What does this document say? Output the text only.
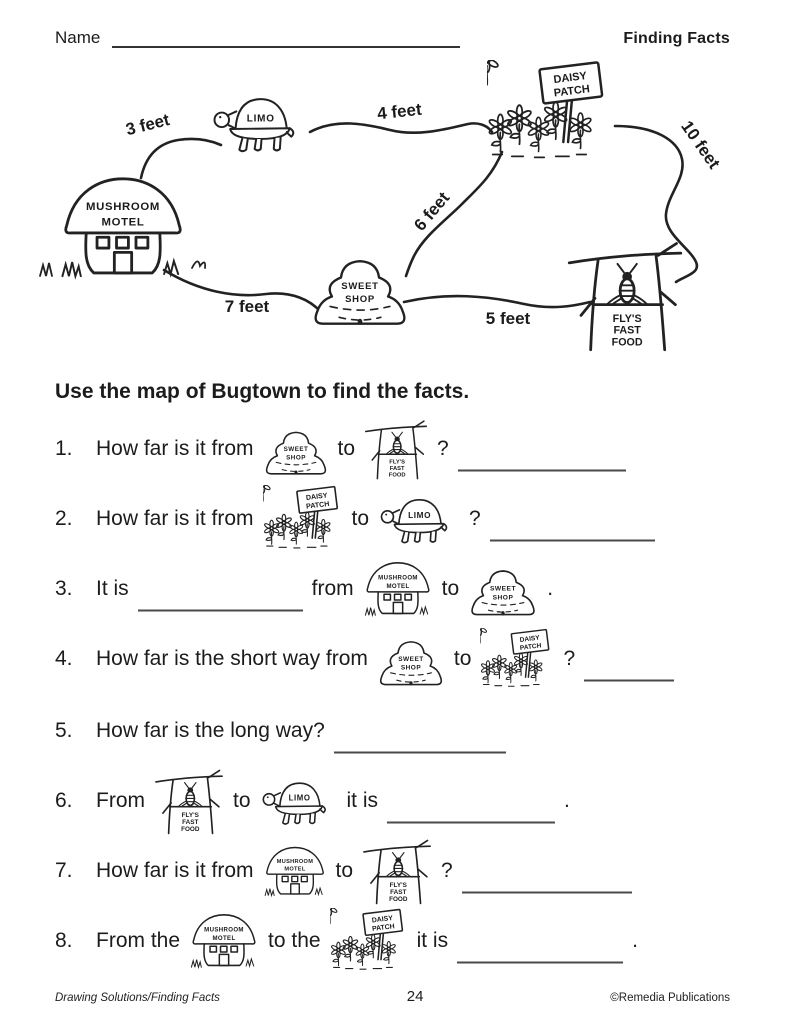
Name	Finding Facts
3 feet	4 feet
10 feet
6 feet
7 feet
5 feet
Use the map of Bugtown to find the facts.
1.	How far is it from	to	?
2.	How far is it from	to	?
3.	It is	from	to	.
4.	How far is the short way from	to	?
5.	How far is the long way?
6.	From	to	it is	.
7.	How far is it from	to	?
8.	From the	to the	it is	.
Drawing Solutions/Finding Facts	24	©Remedia Publications
